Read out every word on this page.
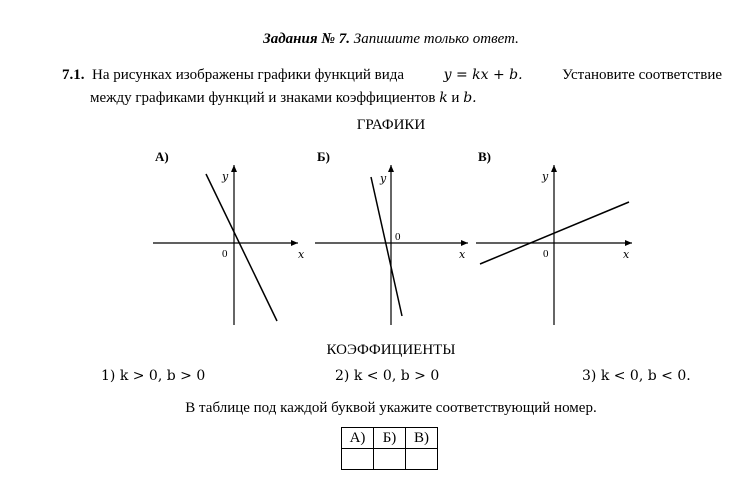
Задания № 7. Запишите только ответ.
7.1. На рисунках изображены графики функций вида	y = kx + b.	Установите соответствие
между графиками функций и знаками коэффициентов k и b.
ГРАФИКИ
А)
y
x
0
Б)
y
x
0
В)
y
x
0
КОЭФФИЦИЕНТЫ
1) k > 0, b > 0	2) k < 0, b > 0	3) k < 0, b < 0.
В таблице под каждой буквой укажите соответствующий номер.
А)	Б)	В)
